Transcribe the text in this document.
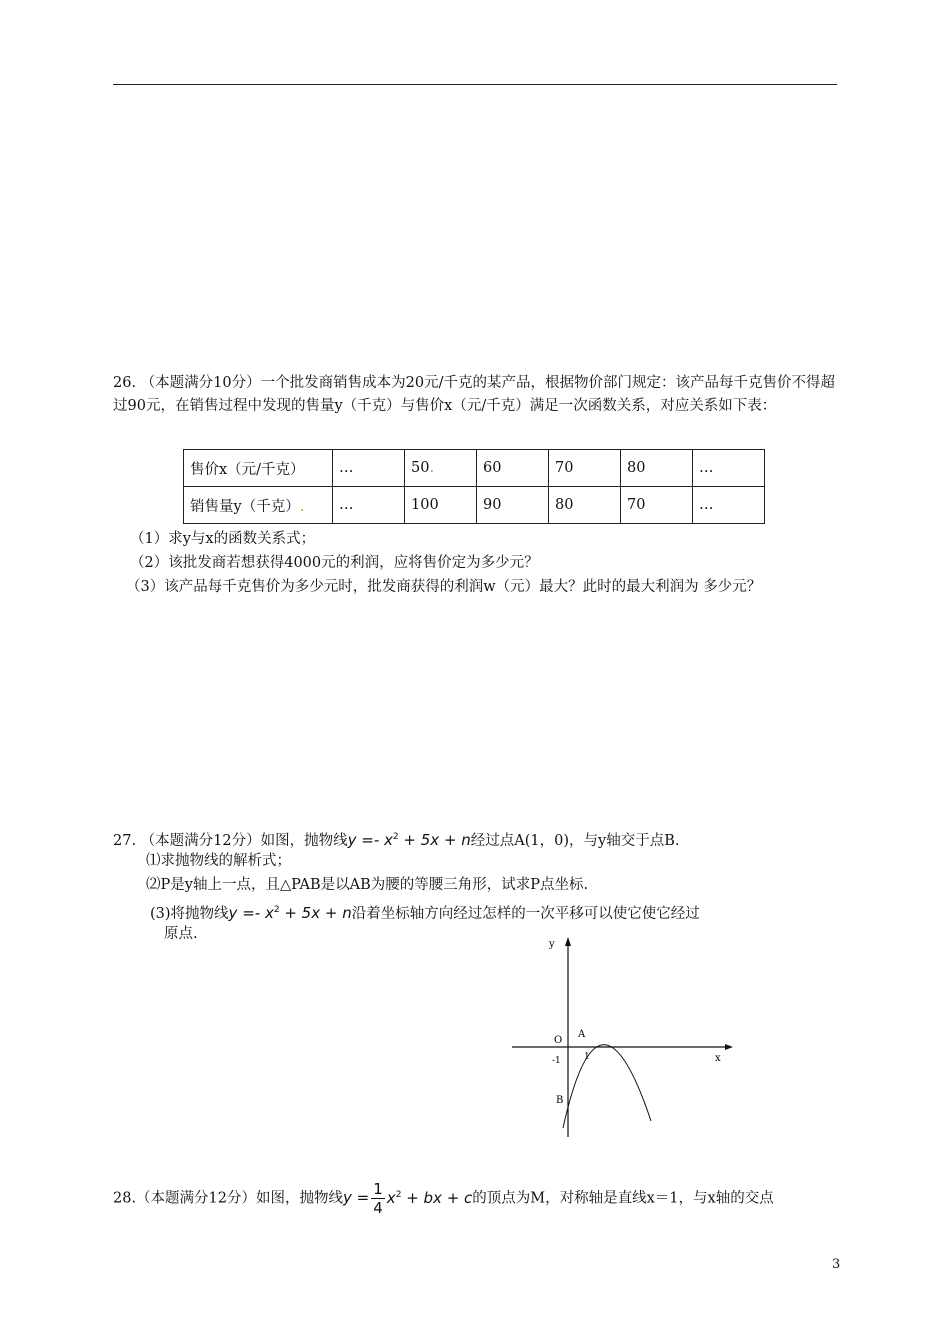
26. （本题满分10分）一个批发商销售成本为20元/千克的某产品，根据物价部门规定：该产品每千克售价不得超过90元，在销售过程中发现的售量y（千克）与售价x（元/千克）满足一次函数关系，对应关系如下表：
售价x（元/千克）	…	50.	60	70	80	…
销售量y（千克）.	…	100	90	80	70	…
（1）求y与x的函数关系式；
（2）该批发商若想获得4000元的利润，应将售价定为多少元？
（3）该产品每千克售价为多少元时，批发商获得的利润w（元）最大？此时的最大利润为 多少元？
27. （本题满分12分）如图，抛物线$y =- x^2 + 5x + n$经过点A(1，0)，与y轴交于点B.
⑴求抛物线的解析式；
⑵P是y轴上一点，且△PAB是以AB为腰的等腰三角形，试求P点坐标.
(3)将抛物线$y =- x^2 + 5x + n$沿着坐标轴方向经过怎样的一次平移可以使它使它经过
原点.
y
x
O
A
1
-1
B
28.（本题满分12分）如图，抛物线$y = \frac{1}{4} x^2$ + bx + c的顶点为M，对称轴是直线x＝1，与x轴的交点
3
